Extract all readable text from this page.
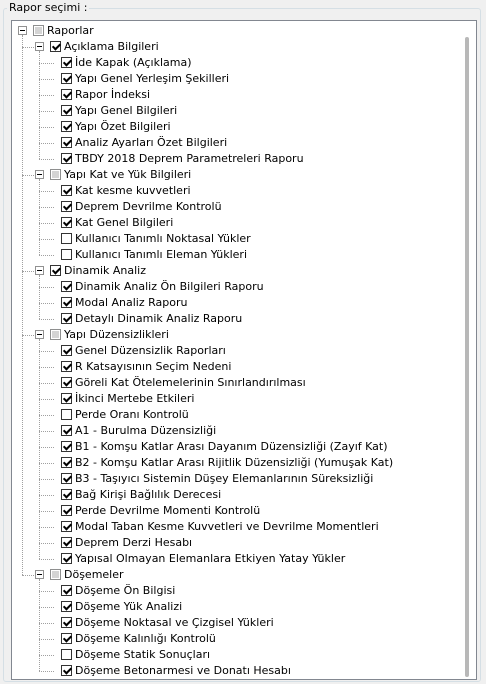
Rapor seçimi :
Raporlar
Açıklama Bilgileri
İde Kapak (Açıklama)
Yapı Genel Yerleşim Şekilleri
Rapor İndeksi
Yapı Genel Bilgileri
Yapı Özet Bilgileri
Analiz Ayarları Özet Bilgileri
TBDY 2018 Deprem Parametreleri Raporu
Yapı Kat ve Yük Bilgileri
Kat kesme kuvvetleri
Deprem Devrilme Kontrolü
Kat Genel Bilgileri
Kullanıcı Tanımlı Noktasal Yükler
Kullanıcı Tanımlı Eleman Yükleri
Dinamik Analiz
Dinamik Analiz Ön Bilgileri Raporu
Modal Analiz Raporu
Detaylı Dinamik Analiz Raporu
Yapı Düzensizlikleri
Genel Düzensizlik Raporları
R Katsayısının Seçim Nedeni
Göreli Kat Ötelemelerinin Sınırlandırılması
İkinci Mertebe Etkileri
Perde Oranı Kontrolü
A1 - Burulma Düzensizliği
B1 - Komşu Katlar Arası Dayanım Düzensizliği (Zayıf Kat)
B2 - Komşu Katlar Arası Rijitlik Düzensizliği (Yumuşak Kat)
B3 - Taşıyıcı Sistemin Düşey Elemanlarının Süreksizliği
Bağ Kirişi Bağlılık Derecesi
Perde Devrilme Momenti Kontrolü
Modal Taban Kesme Kuvvetleri ve Devrilme Momentleri
Deprem Derzi Hesabı
Yapısal Olmayan Elemanlara Etkiyen Yatay Yükler
Döşemeler
Döşeme Ön Bilgisi
Döşeme Yük Analizi
Döşeme Noktasal ve Çizgisel Yükleri
Döşeme Kalınlığı Kontrolü
Döşeme Statik Sonuçları
Döşeme Betonarmesi ve Donatı Hesabı
